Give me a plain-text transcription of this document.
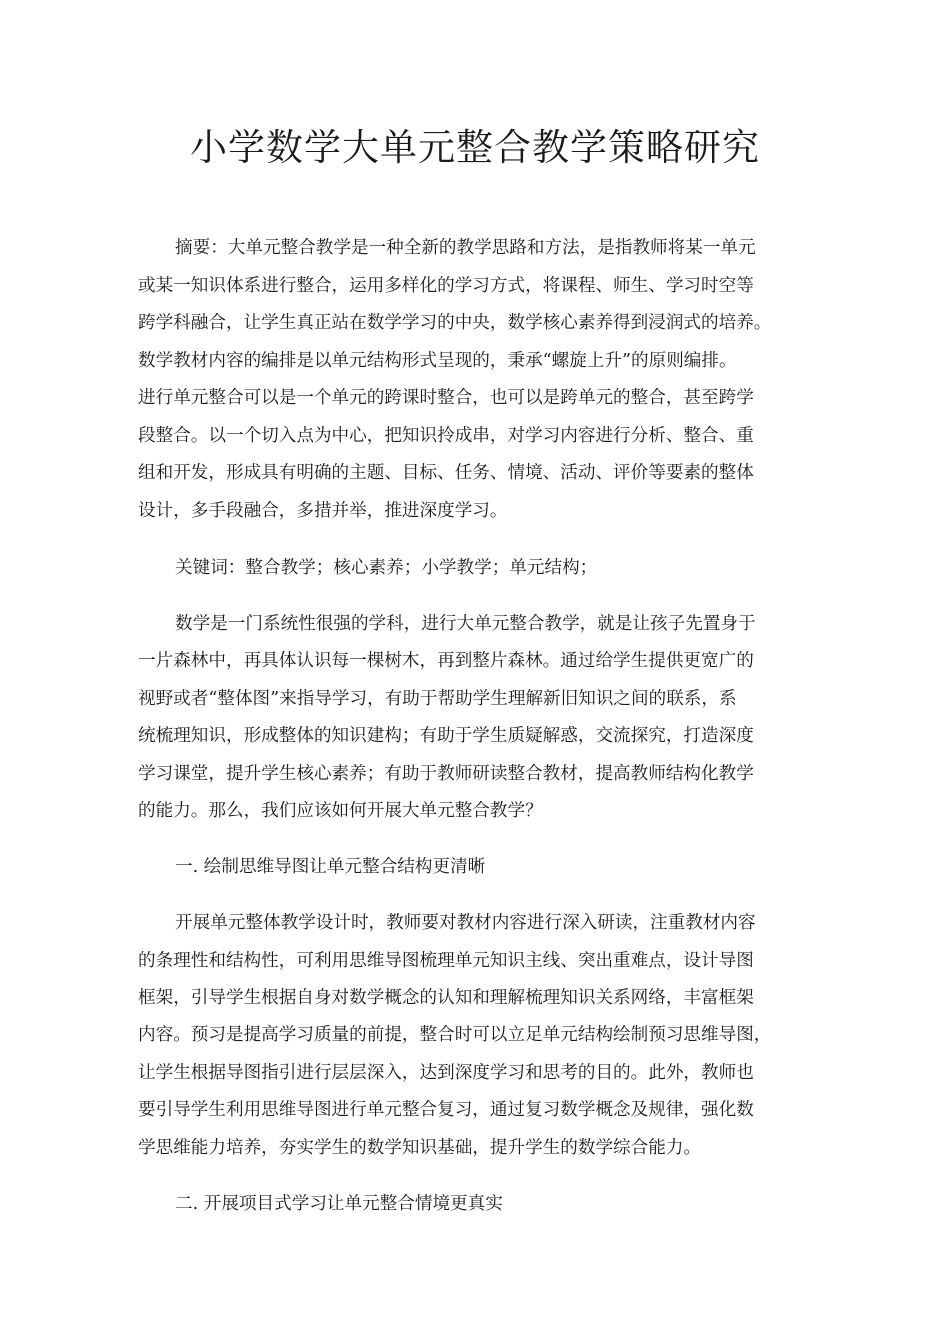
小学数学大单元整合教学策略研究
摘要：大单元整合教学是一种全新的教学思路和方法，是指教师将某一单元
或某一知识体系进行整合，运用多样化的学习方式，将课程、师生、学习时空等
跨学科融合，让学生真正站在数学学习的中央，数学核心素养得到浸润式的培养。
数学教材内容的编排是以单元结构形式呈现的，秉承“螺旋上升”的原则编排。
进行单元整合可以是一个单元的跨课时整合，也可以是跨单元的整合，甚至跨学
段整合。以一个切入点为中心，把知识拎成串，对学习内容进行分析、整合、重
组和开发，形成具有明确的主题、目标、任务、情境、活动、评价等要素的整体
设计，多手段融合，多措并举，推进深度学习。
关键词：整合教学；核心素养；小学教学；单元结构；
数学是一门系统性很强的学科，进行大单元整合教学，就是让孩子先置身于
一片森林中，再具体认识每一棵树木，再到整片森林。通过给学生提供更宽广的
视野或者“整体图”来指导学习，有助于帮助学生理解新旧知识之间的联系，系
统梳理知识，形成整体的知识建构；有助于学生质疑解惑，交流探究，打造深度
学习课堂，提升学生核心素养；有助于教师研读整合教材，提高教师结构化教学
的能力。那么，我们应该如何开展大单元整合教学？
一. 绘制思维导图让单元整合结构更清晰
开展单元整体教学设计时，教师要对教材内容进行深入研读，注重教材内容
的条理性和结构性，可利用思维导图梳理单元知识主线、突出重难点，设计导图
框架，引导学生根据自身对数学概念的认知和理解梳理知识关系网络，丰富框架
内容。预习是提高学习质量的前提，整合时可以立足单元结构绘制预习思维导图，
让学生根据导图指引进行层层深入，达到深度学习和思考的目的。此外，教师也
要引导学生利用思维导图进行单元整合复习，通过复习数学概念及规律，强化数
学思维能力培养，夯实学生的数学知识基础，提升学生的数学综合能力。
二. 开展项目式学习让单元整合情境更真实
